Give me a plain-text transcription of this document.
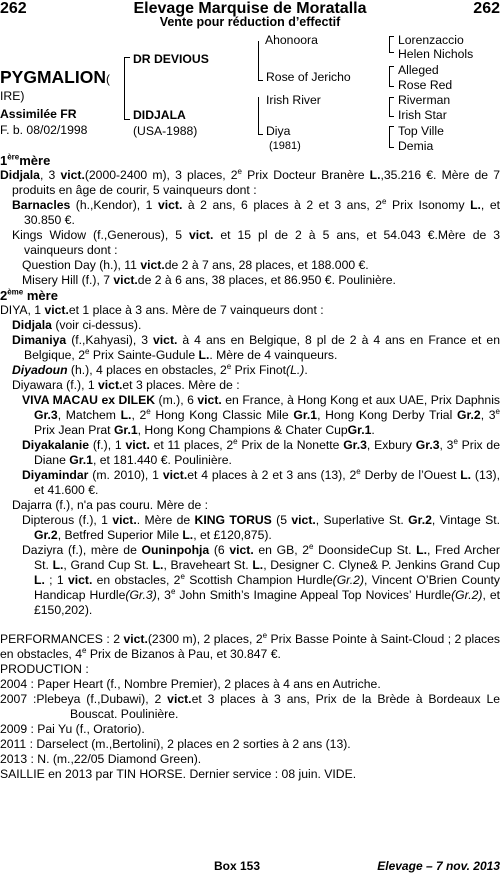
262	Elevage Marquise de Moratalla	262
Vente pour réduction d’effectif
PYGMALION(
IRE)
Assimilée FR
F. b. 08/02/1998
DR DEVIOUS
DIDJALA
(USA-1988)
Ahonoora
Rose of Jericho
Irish River
Diya
(1981)
Lorenzaccio
Helen Nichols
Alleged
Rose Red
Riverman
Irish Star
Top Ville
Demia
1èremère
Didjala, 3 vict.(2000-2400 m), 3 places, 2e Prix Docteur Branère L.,35.216 €. Mère de 7 produits en âge de courir, 5 vainqueurs dont :
Barnacles (h.,Kendor), 1 vict. à 2 ans, 6 places à 2 et 3 ans, 2e Prix Isonomy L., et 30.850 €.
Kings Widow (f.,Generous), 5 vict. et 15 pl de 2 à 5 ans, et 54.043 €.Mère de 3 vainqueurs dont :
Question Day (h.), 11 vict.de 2 à 7 ans, 28 places, et 188.000 €.
Misery Hill (f.), 7 vict.de 2 à 6 ans, 38 places, et 86.950 €. Poulinière.
2ème mère
DIYA, 1 vict.et 1 place à 3 ans. Mère de 7 vainqueurs dont :
Didjala (voir ci-dessus).
Dimaniya (f.,Kahyasi), 3 vict. à 4 ans en Belgique, 8 pl de 2 à 4 ans en France et en Belgique, 2e Prix Sainte-Gudule L.. Mère de 4 vainqueurs.
Diyadoun (h.), 4 places en obstacles, 2e Prix Finot(L.).
Diyawara (f.), 1 vict.et 3 places. Mère de :
VIVA MACAU ex DILEK (m.), 6 vict. en France, à Hong Kong et aux UAE, Prix Daphnis Gr.3, Matchem L., 2e Hong Kong Classic Mile Gr.1, Hong Kong Derby Trial Gr.2, 3e Prix Jean Prat Gr.1, Hong Kong Champions & Chater CupGr.1.
Diyakalanie (f.), 1 vict. et 11 places, 2e Prix de la Nonette Gr.3, Exbury Gr.3, 3e Prix de Diane Gr.1, et 181.440 €. Poulinière.
Diyamindar (m. 2010), 1 vict.et 4 places à 2 et 3 ans (13), 2e Derby de l’Ouest L. (13), et 41.600 €.
Dajarra (f.), n'a pas couru. Mère de :
Dipterous (f.), 1 vict.. Mère de KING TORUS (5 vict., Superlative St. Gr.2, Vintage St. Gr.2, Betfred Superior Mile L., et £120,875).
Daziyra (f.), mère de Ouninpohja (6 vict. en GB, 2e DoonsideCup St. L., Fred Archer St. L., Grand Cup St. L., Braveheart St. L., Designer C. Clyne& P. Jenkins Grand Cup L. ; 1 vict. en obstacles, 2e Scottish Champion Hurdle(Gr.2), Vincent O’Brien County Handicap Hurdle(Gr.3), 3e John Smith’s Imagine Appeal Top Novices’ Hurdle(Gr.2), et £150,202).
PERFORMANCES : 2 vict.(2300 m), 2 places, 2e Prix Basse Pointe à Saint-Cloud ; 2 places en obstacles, 4e Prix de Bizanos à Pau, et 30.847 €.
PRODUCTION :
2004 : Paper Heart (f., Nombre Premier), 2 places à 4 ans en Autriche.
2007 :Plebeya (f.,Dubawi), 2 vict.et 3 places à 3 ans, Prix de la Brède à Bordeaux Le Bouscat. Poulinière.
2009 : Pai Yu (f., Oratorio).
2011 : Darselect (m.,Bertolini), 2 places en 2 sorties à 2 ans (13).
2013 : N. (m.,22/05 Diamond Green).
SAILLIE en 2013 par TIN HORSE. Dernier service : 08 juin. VIDE.
Box 153	Elevage – 7 nov. 2013
